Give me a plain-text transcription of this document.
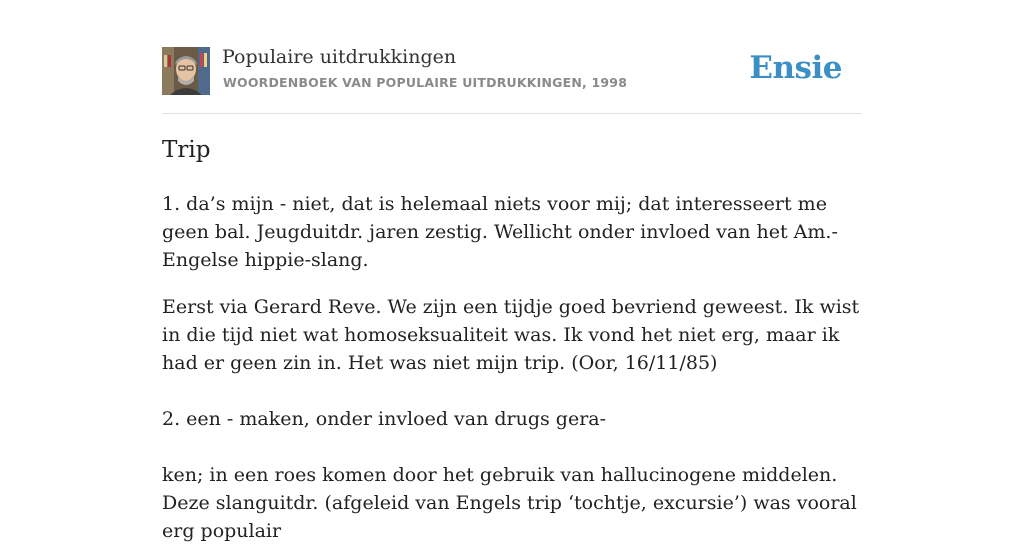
Populaire uitdrukkingen
WOORDENBOEK VAN POPULAIRE UITDRUKKINGEN, 1998	Ensie
Trip

1. da’s mijn - niet, dat is helemaal niets voor mij; dat interesseert me geen bal. Jeugduitdr. jaren zestig. Wellicht onder invloed van het Am.-Engelse hippie-slang.

Eerst via Gerard Reve. We zijn een tijdje goed bevriend geweest. Ik wist in die tijd niet wat homoseksualiteit was. Ik vond het niet erg, maar ik had er geen zin in. Het was niet mijn trip. (Oor, 16/11/85)

2. een - maken, onder invloed van drugs gera-

ken; in een roes komen door het gebruik van hallucinogene middelen. Deze slanguitdr. (afgeleid van Engels trip ‘tochtje, excursie’) was vooral erg populair
